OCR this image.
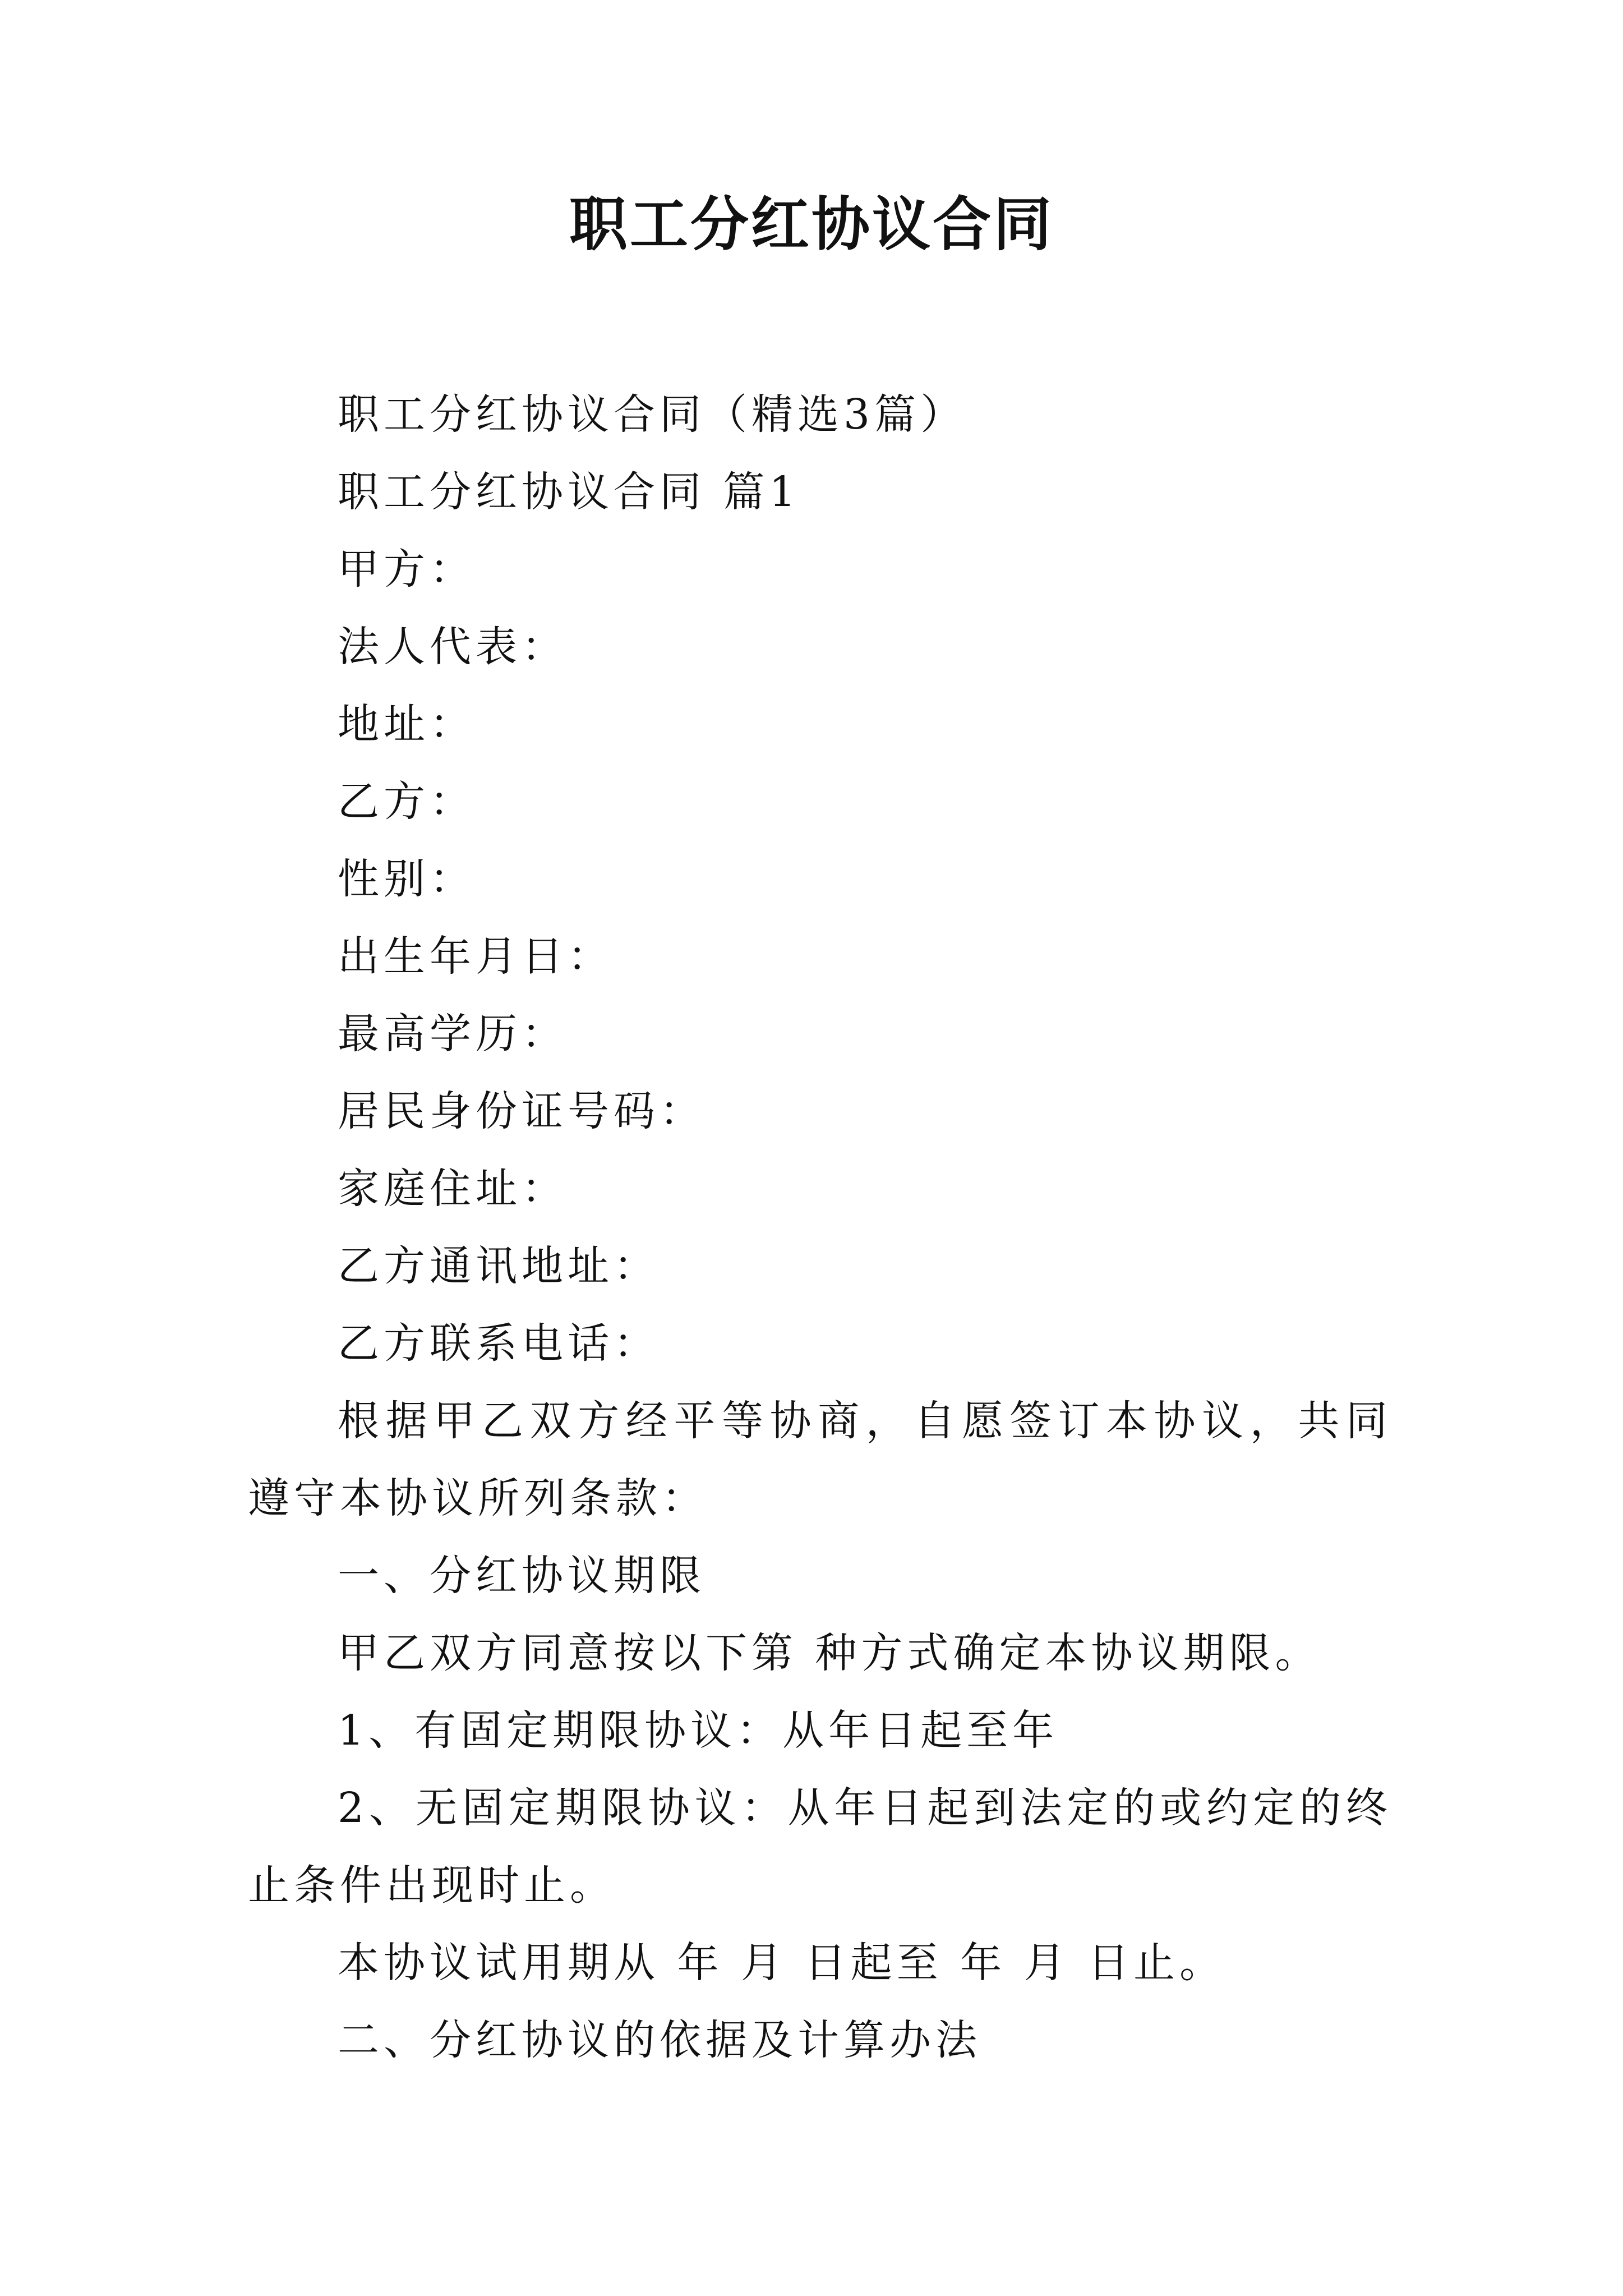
职工分红协议合同

职工分红协议合同（精选3篇）

职工分红协议合同 篇1

甲方：

法人代表：

地址：

乙方：

性别：

出生年月日：

最高学历：

居民身份证号码：

家庭住址：

乙方通讯地址：

乙方联系电话：

根据甲乙双方经平等协商，自愿签订本协议，共同遵守本协议所列条款：

一、分红协议期限

甲乙双方同意按以下第 种方式确定本协议期限。

1、有固定期限协议：从年日起至年

2、无固定期限协议：从年日起到法定的或约定的终止条件出现时止。

本协议试用期从 年 月 日起至 年 月 日止。

二、分红协议的依据及计算办法
